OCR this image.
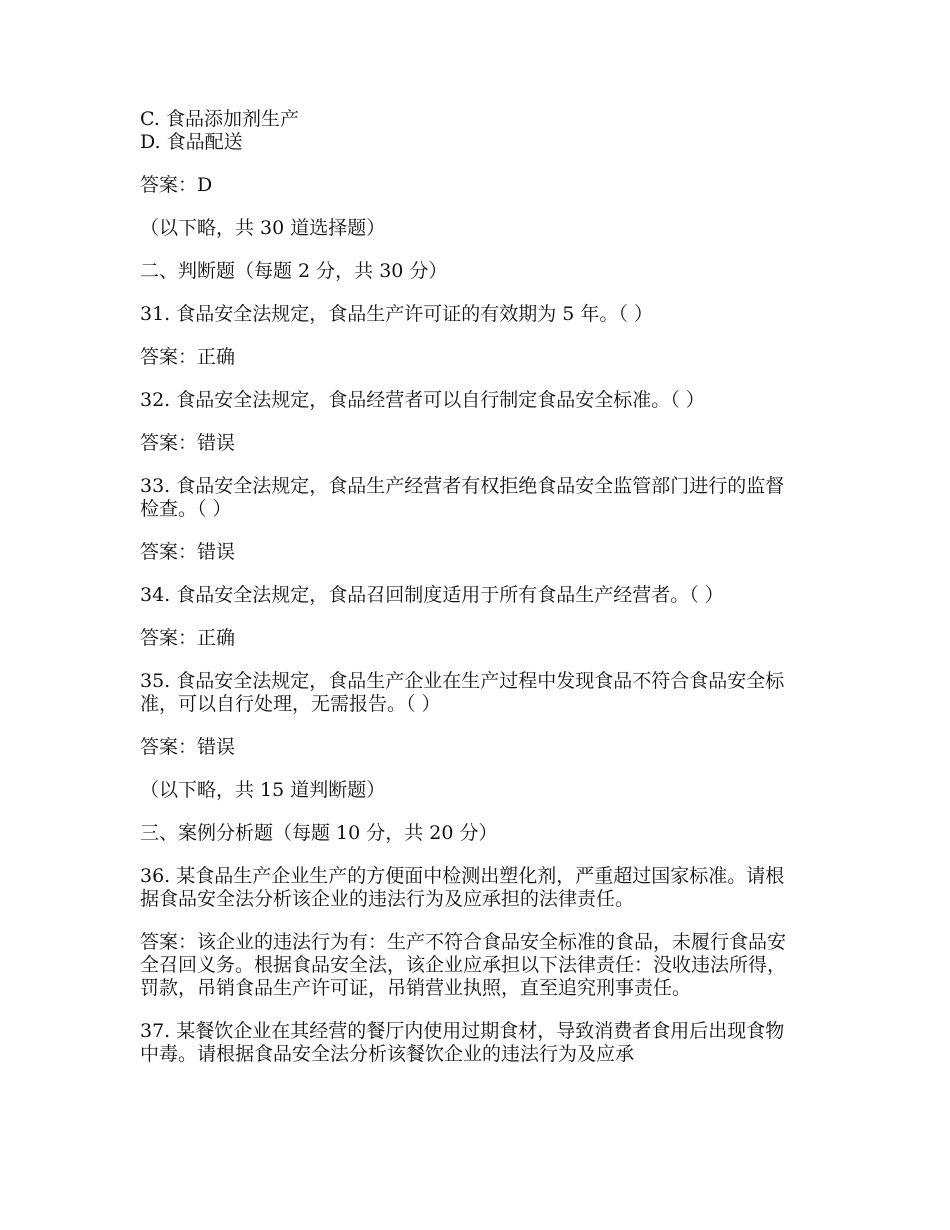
C. 食品添加剂生产

D. 食品配送

答案：D

（以下略，共 30 道选择题）

二、判断题（每题 2 分，共 30 分）

31. 食品安全法规定，食品生产许可证的有效期为 5 年。（ ）

答案：正确

32. 食品安全法规定，食品经营者可以自行制定食品安全标准。（ ）

答案：错误

33. 食品安全法规定，食品生产经营者有权拒绝食品安全监管部门进行的监督检查。（ ）

答案：错误

34. 食品安全法规定，食品召回制度适用于所有食品生产经营者。（ ）

答案：正确

35. 食品安全法规定，食品生产企业在生产过程中发现食品不符合食品安全标准，可以自行处理，无需报告。（ ）

答案：错误

（以下略，共 15 道判断题）

三、案例分析题（每题 10 分，共 20 分）

36. 某食品生产企业生产的方便面中检测出塑化剂，严重超过国家标准。请根据食品安全法分析该企业的违法行为及应承担的法律责任。

答案：该企业的违法行为有：生产不符合食品安全标准的食品，未履行食品安全召回义务。根据食品安全法，该企业应承担以下法律责任：没收违法所得，罚款，吊销食品生产许可证，吊销营业执照，直至追究刑事责任。

37. 某餐饮企业在其经营的餐厅内使用过期食材，导致消费者食用后出现食物中毒。请根据食品安全法分析该餐饮企业的违法行为及应承
